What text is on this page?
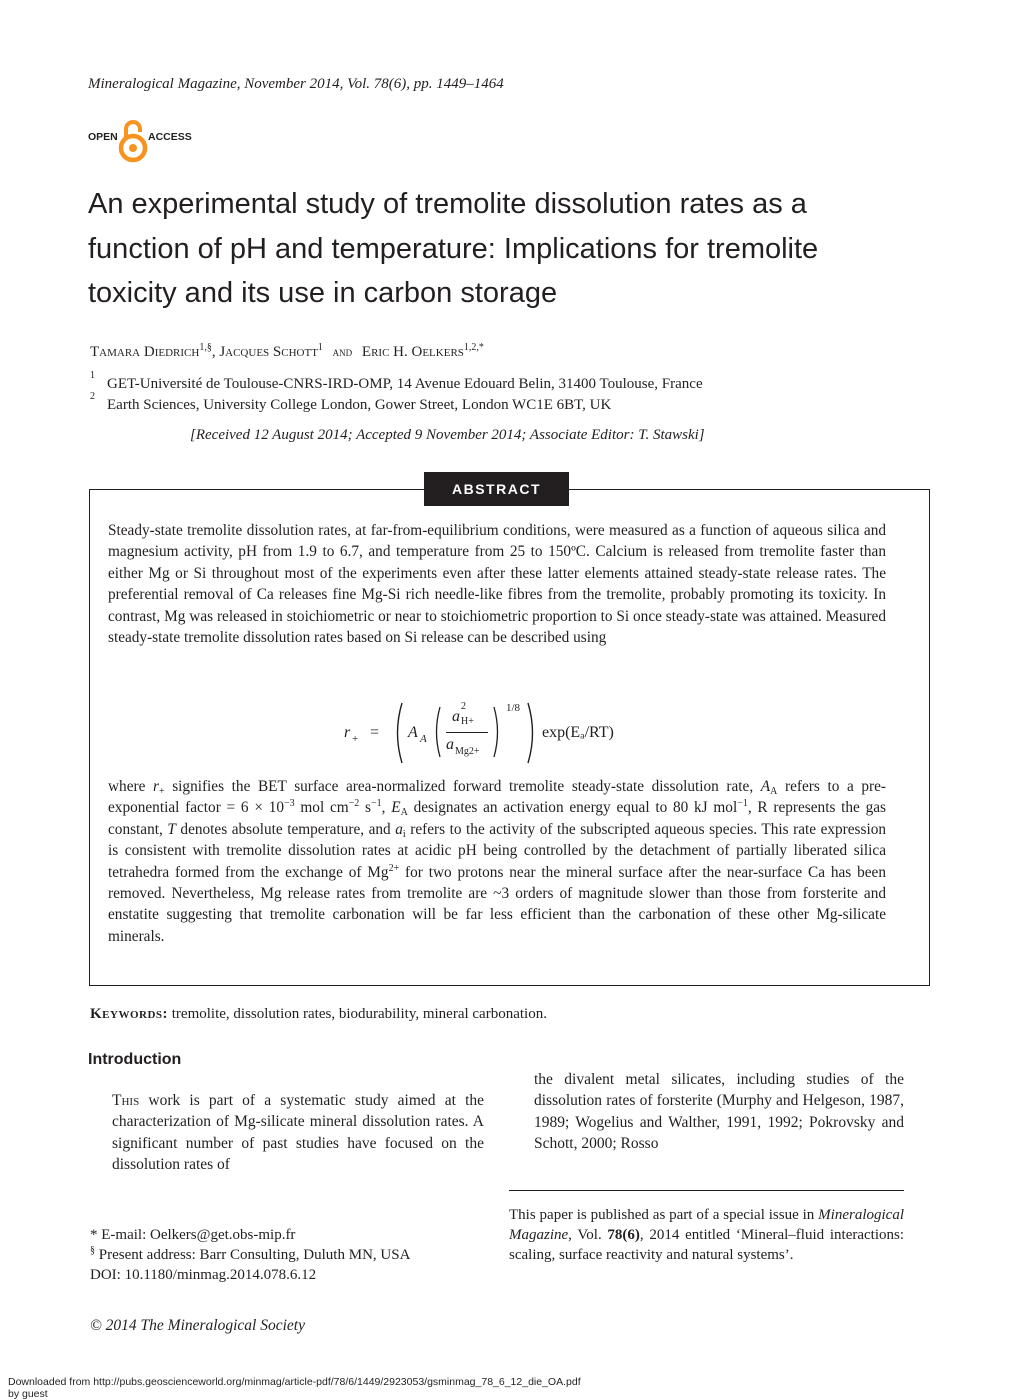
Mineralogical Magazine, November 2014, Vol. 78(6), pp. 1449–1464
OPEN	ACCESS
An experimental study of tremolite dissolution rates as a
function of pH and temperature: Implications for tremolite
toxicity and its use in carbon storage
Tamara Diedrich$^{1,\S}$, Jacques Schott$^1$ and Eric H. Oelkers$^{1,2,*}$
1
GET-Université de Toulouse-CNRS-IRD-OMP, 14 Avenue Edouard Belin, 31400 Toulouse, France
2
Earth Sciences, University College London, Gower Street, London WC1E 6BT, UK
[Received 12 August 2014; Accepted 9 November 2014; Associate Editor: T. Stawski]
ABSTRACT
Steady-state tremolite dissolution rates, at far-from-equilibrium conditions, were measured as a function of aqueous silica and magnesium activity, pH from 1.9 to 6.7, and temperature from 25 to 150ºC. Calcium is released from tremolite faster than either Mg or Si throughout most of the experiments even after these latter elements attained steady-state release rates. The preferential removal of Ca releases fine Mg-Si rich needle-like fibres from the tremolite, probably promoting its toxicity. In contrast, Mg was released in stoichiometric or near to stoichiometric proportion to Si once steady-state was attained. Measured steady-state tremolite dissolution rates based on Si release can be described using
r + = A A
a
2
H+
a Mg2+
1/8
exp(Eₐ/RT)
where $r_+$ signifies the BET surface area-normalized forward tremolite steady-state dissolution rate, $A_A$ refers to a pre-exponential factor = $6 \times 10^{-3}$ mol $cm^{-2}$ $s^{-1}$, $E_A$ designates an activation energy equal to 80 kJ mol$^{-1}$, R represents the gas constant, T denotes absolute temperature, and $a_i$ refers to the activity of the subscripted aqueous species. This rate expression is consistent with tremolite dissolution rates at acidic pH being controlled by the detachment of partially liberated silica tetrahedra formed from the exchange of $Mg^{2+}$ for two protons near the mineral surface after the near-surface Ca has been removed. Nevertheless, Mg release rates from tremolite are ~3 orders of magnitude slower than those from forsterite and enstatite suggesting that tremolite carbonation will be far less efficient than the carbonation of these other Mg-silicate minerals.
Keywords: tremolite, dissolution rates, biodurability, mineral carbonation.
Introduction
This work is part of a systematic study aimed at the characterization of Mg-silicate mineral dissolution rates. A significant number of past studies have focused on the dissolution rates of
the divalent metal silicates, including studies of the dissolution rates of forsterite (Murphy and Helgeson, 1987, 1989; Wogelius and Walther, 1991, 1992; Pokrovsky and Schott, 2000; Rosso
* E-mail: Oelkers@get.obs-mip.fr
§ Present address: Barr Consulting, Duluth MN, USA
DOI: 10.1180/minmag.2014.078.6.12
This paper is published as part of a special issue in Mineralogical Magazine, Vol. 78(6), 2014 entitled ‘Mineral–fluid interactions: scaling, surface reactivity and natural systems’.
© 2014 The Mineralogical Society
Downloaded from http://pubs.geoscienceworld.org/minmag/article-pdf/78/6/1449/2923053/gsminmag_78_6_12_die_OA.pdf
by guest
